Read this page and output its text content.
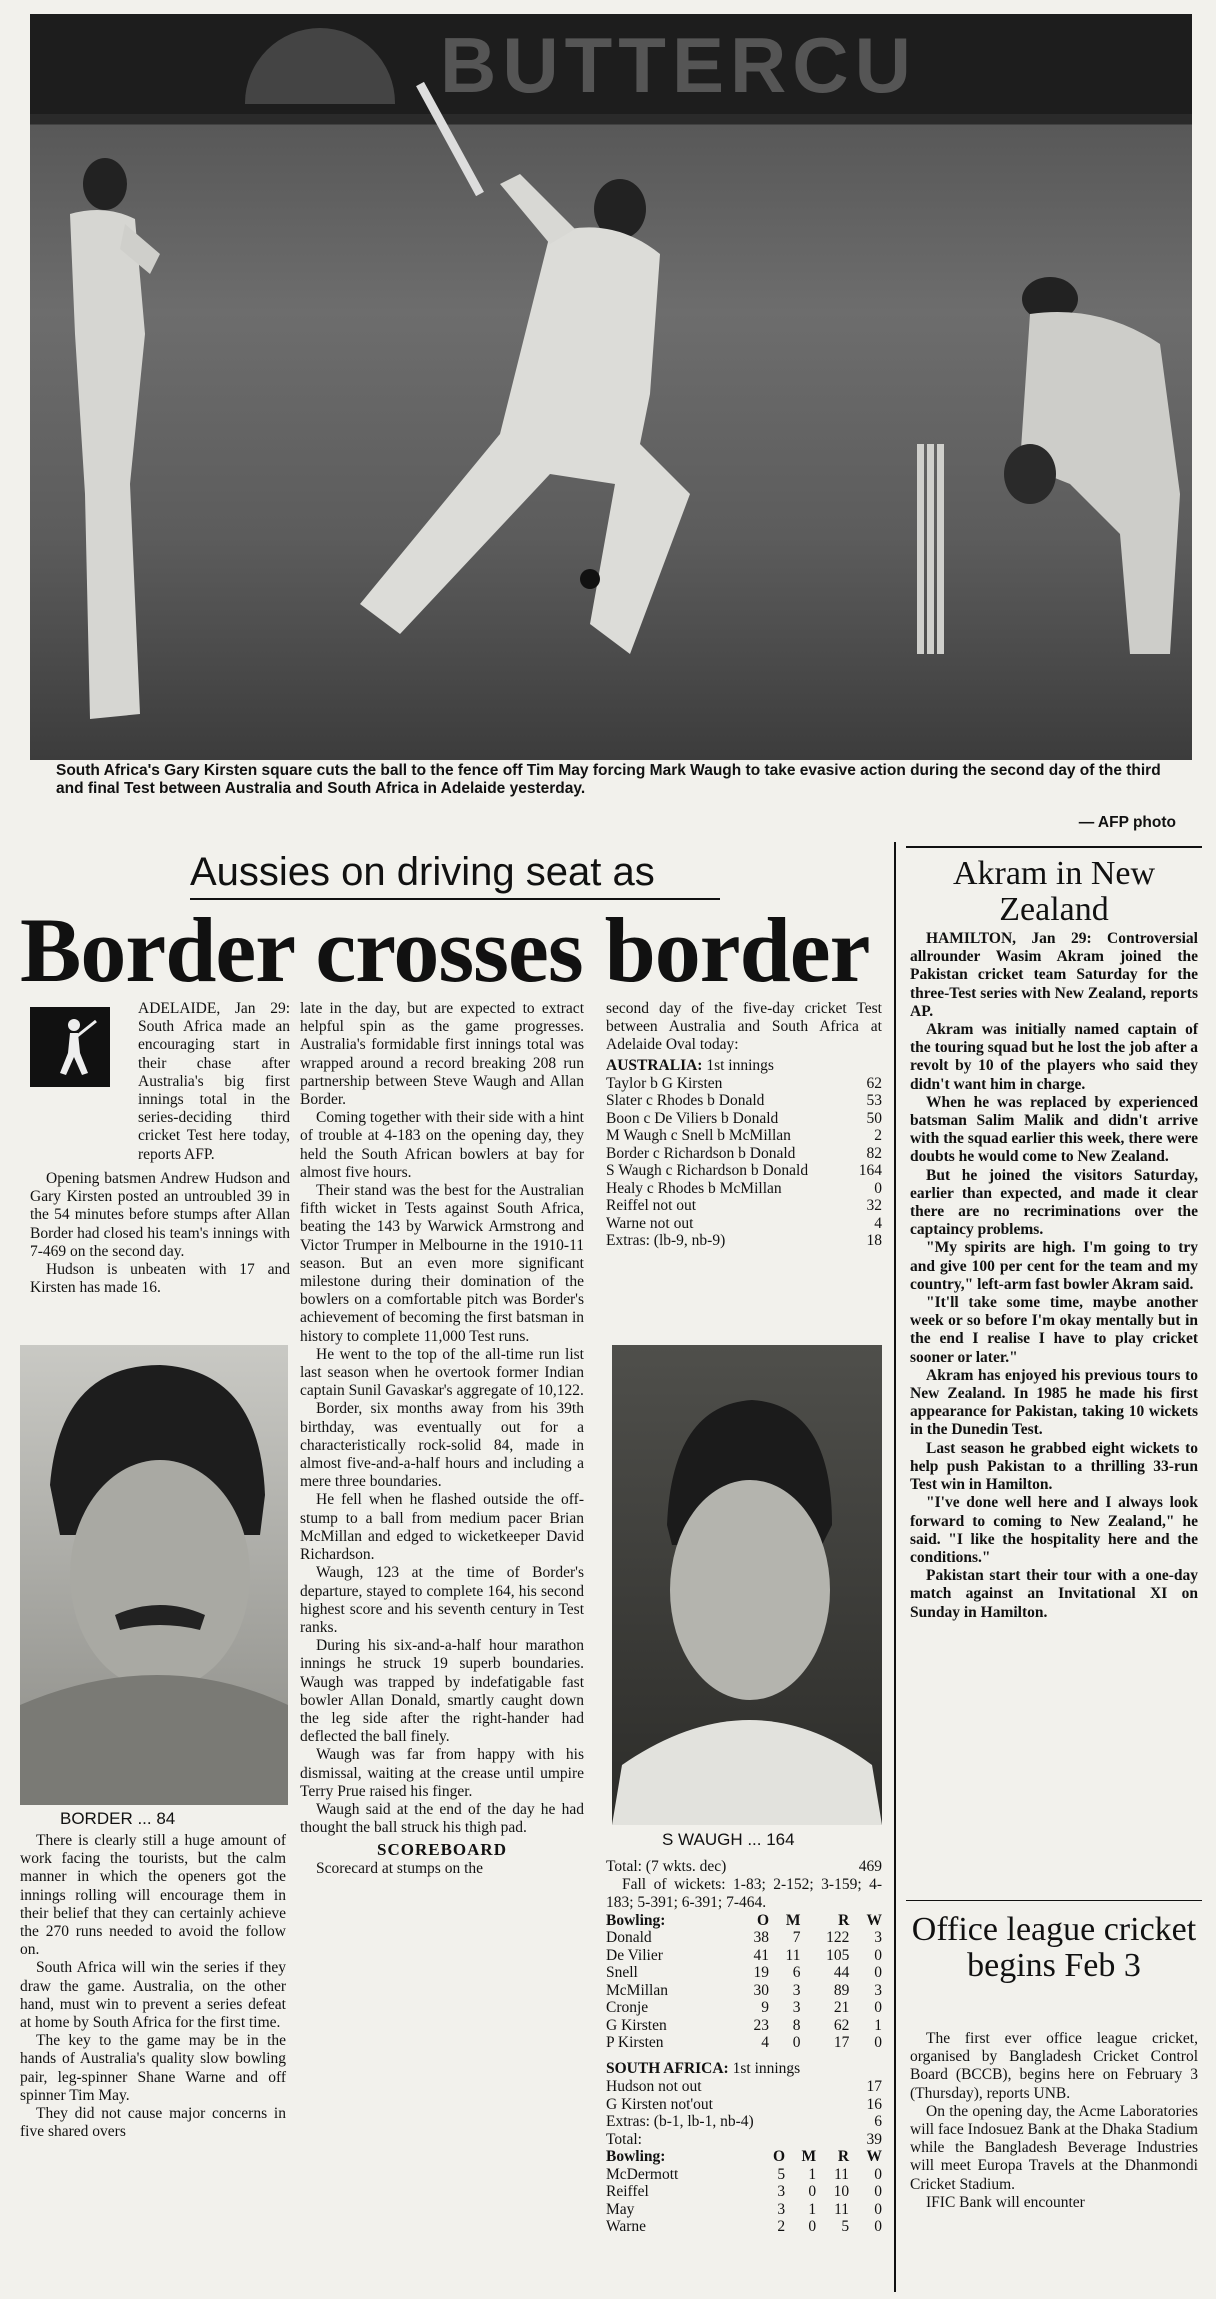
BUTTERCU
South Africa's Gary Kirsten square cuts the ball to the fence off Tim May forcing Mark Waugh to take evasive action during the second day of the third and final Test between Australia and South Africa in Adelaide yesterday.
— AFP photo
Aussies on driving seat as
Border crosses border

ADELAIDE, Jan 29: South Africa made an encouraging start in their chase after Australia's big first innings total in the series-deciding third cricket Test here today, reports AFP.

Opening batsmen Andrew Hudson and Gary Kirsten posted an untroubled 39 in the 54 minutes before stumps after Allan Border had closed his team's innings with 7-469 on the second day.

Hudson is unbeaten with 17 and Kirsten has made 16.

BORDER ... 84

There is clearly still a huge amount of work facing the tourists, but the calm manner in which the openers got the innings rolling will encourage them in their belief that they can certainly achieve the 270 runs needed to avoid the follow on.

South Africa will win the series if they draw the game. Australia, on the other hand, must win to prevent a series defeat at home by South Africa for the first time.

The key to the game may be in the hands of Australia's quality slow bowling pair, leg-spinner Shane Warne and off spinner Tim May.

They did not cause major concerns in five shared overs

late in the day, but are expected to extract helpful spin as the game progresses. Australia's formidable first innings total was wrapped around a record breaking 208 run partnership between Steve Waugh and Allan Border.

Coming together with their side with a hint of trouble at 4-183 on the opening day, they held the South African bowlers at bay for almost five hours.

Their stand was the best for the Australian fifth wicket in Tests against South Africa, beating the 143 by Warwick Armstrong and Victor Trumper in Melbourne in the 1910-11 season. But an even more significant milestone during their domination of the bowlers on a comfortable pitch was Border's achievement of becoming the first batsman in history to complete 11,000 Test runs.

He went to the top of the all-time run list last season when he overtook former Indian captain Sunil Gavaskar's aggregate of 10,122.

Border, six months away from his 39th birthday, was eventually out for a characteristically rock-solid 84, made in almost five-and-a-half hours and including a mere three boundaries.

He fell when he flashed outside the off-stump to a ball from medium pacer Brian McMillan and edged to wicketkeeper David Richardson.

Waugh, 123 at the time of Border's departure, stayed to complete 164, his second highest score and his seventh century in Test ranks.

During his six-and-a-half hour marathon innings he struck 19 superb boundaries. Waugh was trapped by indefatigable fast bowler Allan Donald, smartly caught down the leg side after the right-hander had deflected the ball finely.

Waugh was far from happy with his dismissal, waiting at the crease until umpire Terry Prue raised his finger.

Waugh said at the end of the day he had thought the ball struck his thigh pad.

SCOREBOARD

Scorecard at stumps on the

second day of the five-day cricket Test between Australia and South Africa at Adelaide Oval today:

AUSTRALIA: 1st innings
Taylor b G Kirsten	62
Slater c Rhodes b Donald	53
Boon c De Viliers b Donald	50
M Waugh c Snell b McMillan	2
Border c Richardson b Donald	82
S Waugh c Richardson b Donald	164
Healy c Rhodes b McMillan	0
Reiffel not out	32
Warne not out	4
Extras: (lb-9, nb-9)	18
S WAUGH ... 164
Total: (7 wkts. dec)	469

Fall of wickets: 1-83; 2-152; 3-159; 4-183; 5-391; 6-391; 7-464.

Bowling:	O	M	R	W
Donald	38	7	122	3
De Vilier	41	11	105	0
Snell	19	6	44	0
McMillan	30	3	89	3
Cronje	9	3	21	0
G Kirsten	23	8	62	1
P Kirsten	4	0	17	0
SOUTH AFRICA: 1st innings
Hudson not out	17
G Kirsten not'out	16
Extras: (b-1, lb-1, nb-4)	6
Total:	39
Bowling:	O	M	R	W
McDermott	5	1	11	0
Reiffel	3	0	10	0
May	3	1	11	0
Warne	2	0	5	0
Akram in New Zealand

HAMILTON, Jan 29: Controversial allrounder Wasim Akram joined the Pakistan cricket team Saturday for the three-Test series with New Zealand, reports AP.

Akram was initially named captain of the touring squad but he lost the job after a revolt by 10 of the players who said they didn't want him in charge.

When he was replaced by experienced batsman Salim Malik and didn't arrive with the squad earlier this week, there were doubts he would come to New Zealand.

But he joined the visitors Saturday, earlier than expected, and made it clear there are no recriminations over the captaincy problems.

"My spirits are high. I'm going to try and give 100 per cent for the team and my country," left-arm fast bowler Akram said.

"It'll take some time, maybe another week or so before I'm okay mentally but in the end I realise I have to play cricket sooner or later."

Akram has enjoyed his previous tours to New Zealand. In 1985 he made his first appearance for Pakistan, taking 10 wickets in the Dunedin Test.

Last season he grabbed eight wickets to help push Pakistan to a thrilling 33-run Test win in Hamilton.

"I've done well here and I always look forward to coming to New Zealand," he said. "I like the hospitality here and the conditions."

Pakistan start their tour with a one-day match against an Invitational XI on Sunday in Hamilton.

Office league cricket begins Feb 3

The first ever office league cricket, organised by Bangladesh Cricket Control Board (BCCB), begins here on February 3 (Thursday), reports UNB.

On the opening day, the Acme Laboratories will face Indosuez Bank at the Dhaka Stadium while the Bangladesh Beverage Industries will meet Europa Travels at the Dhanmondi Cricket Stadium.

IFIC Bank will encounter
